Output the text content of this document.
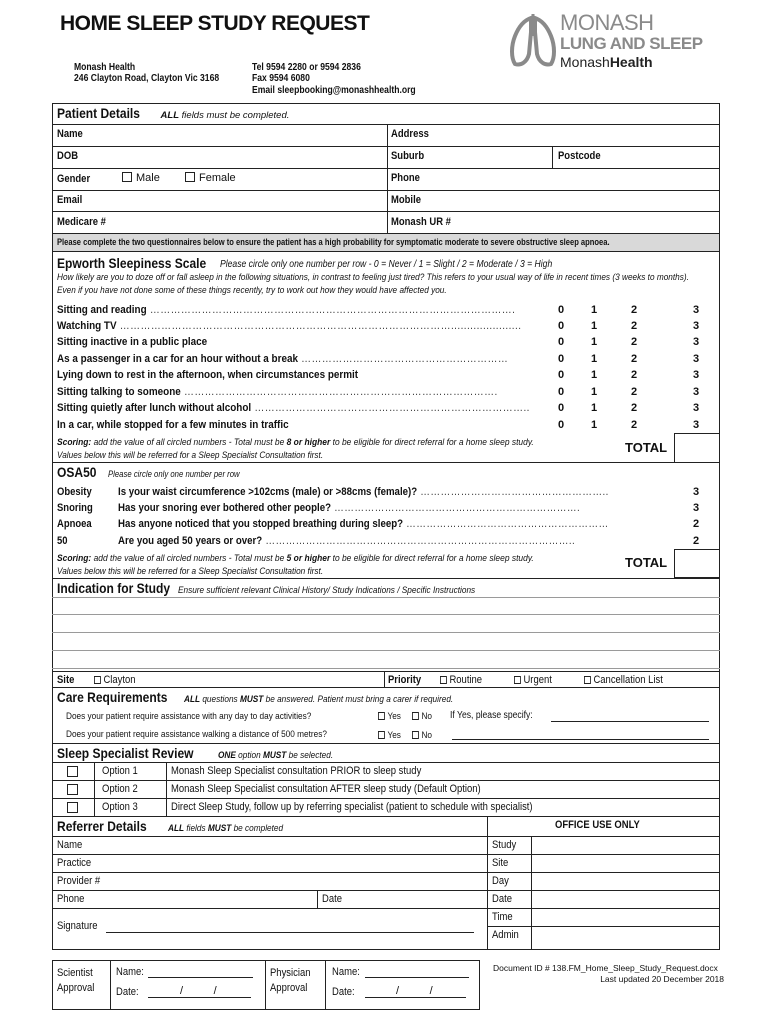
HOME SLEEP STUDY REQUEST
Monash Health
246 Clayton Road, Clayton Vic 3168
Tel 9594 2280 or 9594 2836
Fax 9594 6080
Email sleepbooking@monashhealth.org
MONASH
LUNG AND SLEEP
MonashHealth
Patient Details ALL fields must be completed.
Name	Address
DOB	Suburb	Postcode
Gender	Male	Female	Phone
Email	Mobile
Medicare #	Monash UR #
Please complete the two questionnaires below to ensure the patient has a high probability for symptomatic moderate to severe obstructive sleep apnoea.
Epworth Sleepiness Scale	Please circle only one number per row - 0 = Never / 1 = Slight / 2 = Moderate / 3 = High
How likely are you to doze off or fall asleep in the following situations, in contrast to feeling just tired? This refers to your usual way of life in recent times (3 weeks to months). Even if you have not done some of these things recently, try to work out how they would have affected you.
Scoring: add the value of all circled numbers - Total must be 8 or higher to be eligible for direct referral for a home sleep study.
Values below this will be referred for a Sleep Specialist Consultation first.
TOTAL
OSA50 Please circle only one number per row
Scoring: add the value of all circled numbers - Total must be 5 or higher to be eligible for direct referral for a home sleep study.
Values below this will be referred for a Sleep Specialist Consultation first.
TOTAL
Indication for Study Ensure sufficient relevant Clinical History/ Study Indications / Specific Instructions
Site	Clayton	Priority	Routine	Urgent	Cancellation List
Care Requirements ALL questions MUST be answered. Patient must bring a carer if required.
Does your patient require assistance with any day to day activities?	Yes	No If Yes, please specify:
Does your patient require assistance walking a distance of 500 metres?	Yes	No
Sleep Specialist Review	ONE option MUST be selected.
Referrer Details ALL fields MUST be completed	OFFICE USE ONLY
Name
Practice
Provider #
Phone	Date
Signature
Scientist
Approval
Name:
Date:	/          /
Physician
Approval
Name:
Date:	/          /
Document ID # 138.FM_Home_Sleep_Study_Request.docx
Last updated 20 December 2018
Sitting and reading …………………………………………………………………………………………….	0 1	2	3
Watching TV ……………………………………………………………………………………......................	0 1	2	3
Sitting inactive in a public place	0 1	2	3
As a passenger in a car for an hour without a break ……………………………………………………	0 1	2	3
Lying down to rest in the afternoon, when circumstances permit	0 1	2	3
Sitting talking to someone ……………………………………………………………………………….	0 1	2	3
Sitting quietly after lunch without alcohol ……………………………………………………………………..	0 1	2	3
In a car, while stopped for a few minutes in traffic	0 1	2	3
Obesity Is your waist circumference >102cms (male) or >88cms (female)? ………………………………………………..	3
Snoring Has your snoring ever bothered other people? ……………………………………………………………….	3
Apnoea Has anyone noticed that you stopped breathing during sleep? ……………………………………………………	2
50	Are you aged 50 years or over? ………………………………………………………………………………..	2
Option 1	Monash Sleep Specialist consultation PRIOR to sleep study
Option 2	Monash Sleep Specialist consultation AFTER sleep study (Default Option)
Option 3	Direct Sleep Study, follow up by referring specialist (patient to schedule with specialist)
Study
Site
Day
Date
Time
Admin
